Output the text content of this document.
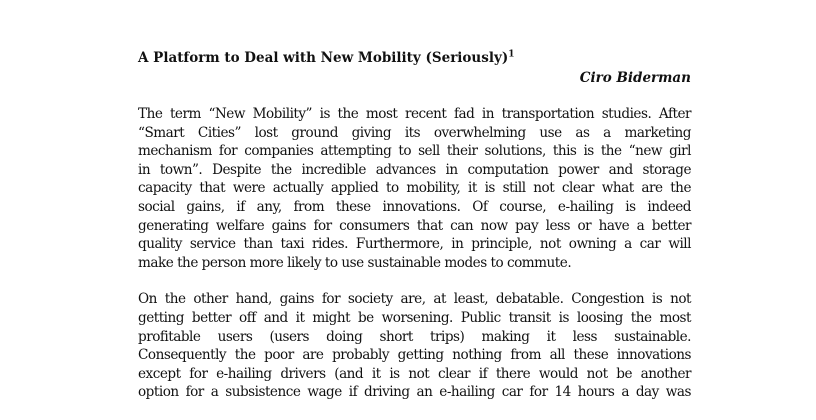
A Platform to Deal with New Mobility (Seriously)$^1$

Ciro Biderman

The term “New Mobility” is the most recent fad in transportation studies. After
“Smart Cities” lost ground giving its overwhelming use as a marketing
mechanism for companies attempting to sell their solutions, this is the “new girl
in town”. Despite the incredible advances in computation power and storage
capacity that were actually applied to mobility, it is still not clear what are the
social gains, if any, from these innovations. Of course, e-hailing is indeed
generating welfare gains for consumers that can now pay less or have a better
quality service than taxi rides. Furthermore, in principle, not owning a car will
make the person more likely to use sustainable modes to commute.
On the other hand, gains for society are, at least, debatable. Congestion is not
getting better off and it might be worsening. Public transit is loosing the most
profitable users (users doing short trips) making it less sustainable.
Consequently the poor are probably getting nothing from all these innovations
except for e-hailing drivers (and it is not clear if there would not be another
option for a subsistence wage if driving an e-hailing car for 14 hours a day was
